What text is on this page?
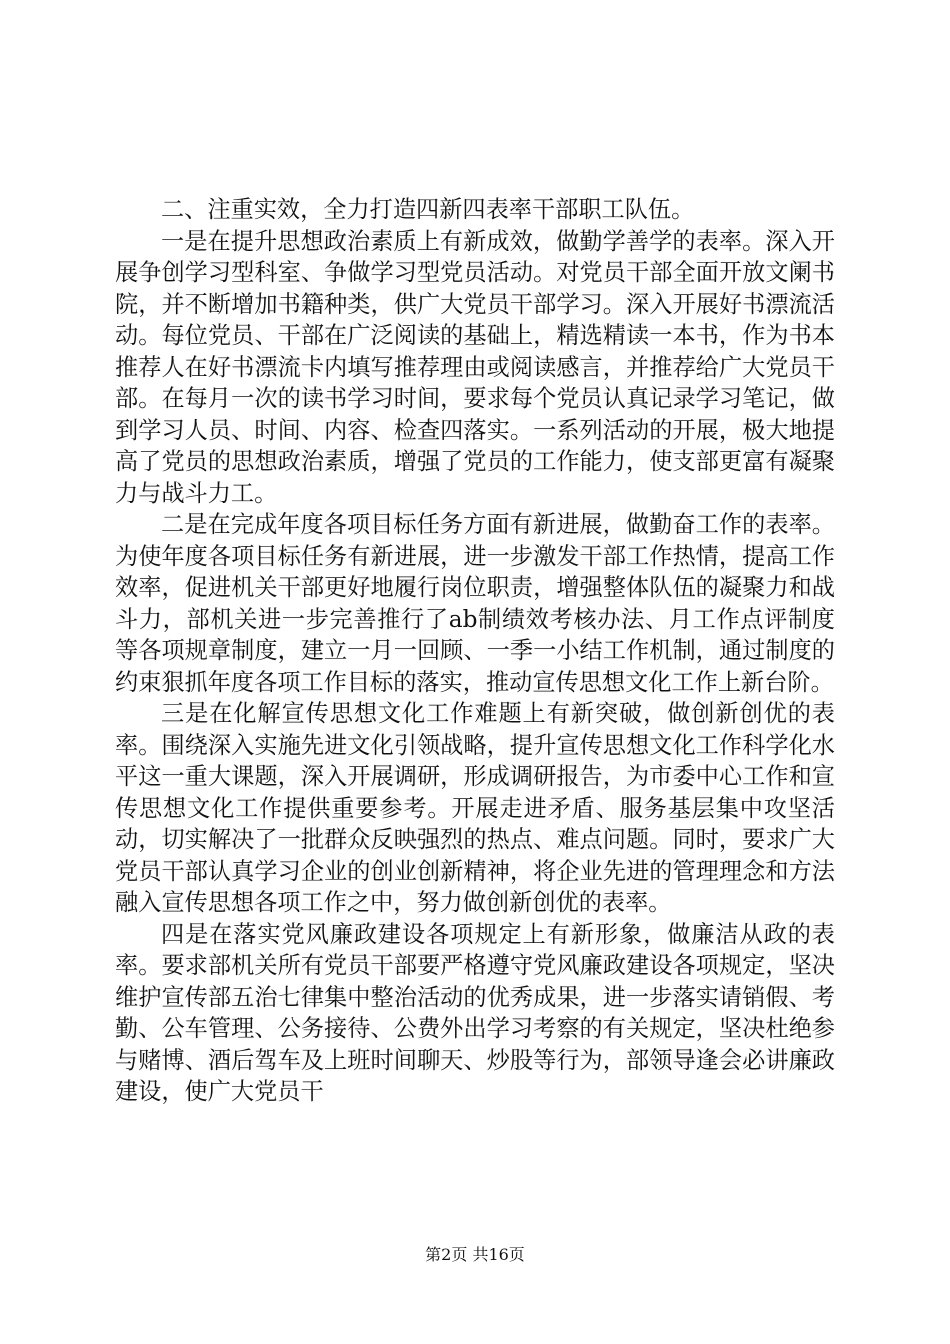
二、注重实效，全力打造四新四表率干部职工队伍。

一是在提升思想政治素质上有新成效，做勤学善学的表率。深入开展争创学习型科室、争做学习型党员活动。对党员干部全面开放文阑书院，并不断增加书籍种类，供广大党员干部学习。深入开展好书漂流活动。每位党员、干部在广泛阅读的基础上，精选精读一本书，作为书本推荐人在好书漂流卡内填写推荐理由或阅读感言，并推荐给广大党员干部。在每月一次的读书学习时间，要求每个党员认真记录学习笔记，做到学习人员、时间、内容、检查四落实。一系列活动的开展，极大地提高了党员的思想政治素质，增强了党员的工作能力，使支部更富有凝聚力与战斗力工。

二是在完成年度各项目标任务方面有新进展，做勤奋工作的表率。为使年度各项目标任务有新进展，进一步激发干部工作热情，提高工作效率，促进机关干部更好地履行岗位职责，增强整体队伍的凝聚力和战斗力，部机关进一步完善推行了ab制绩效考核办法、月工作点评制度等各项规章制度，建立一月一回顾、一季一小结工作机制，通过制度的约束狠抓年度各项工作目标的落实，推动宣传思想文化工作上新台阶。

三是在化解宣传思想文化工作难题上有新突破，做创新创优的表率。围绕深入实施先进文化引领战略，提升宣传思想文化工作科学化水平这一重大课题，深入开展调研，形成调研报告，为市委中心工作和宣传思想文化工作提供重要参考。开展走进矛盾、服务基层集中攻坚活动，切实解决了一批群众反映强烈的热点、难点问题。同时，要求广大党员干部认真学习企业的创业创新精神，将企业先进的管理理念和方法融入宣传思想各项工作之中，努力做创新创优的表率。

四是在落实党风廉政建设各项规定上有新形象，做廉洁从政的表率。要求部机关所有党员干部要严格遵守党风廉政建设各项规定，坚决维护宣传部五治七律集中整治活动的优秀成果，进一步落实请销假、考勤、公车管理、公务接待、公费外出学习考察的有关规定，坚决杜绝参与赌博、酒后驾车及上班时间聊天、炒股等行为，部领导逢会必讲廉政建设，使广大党员干

第2页 共16页
